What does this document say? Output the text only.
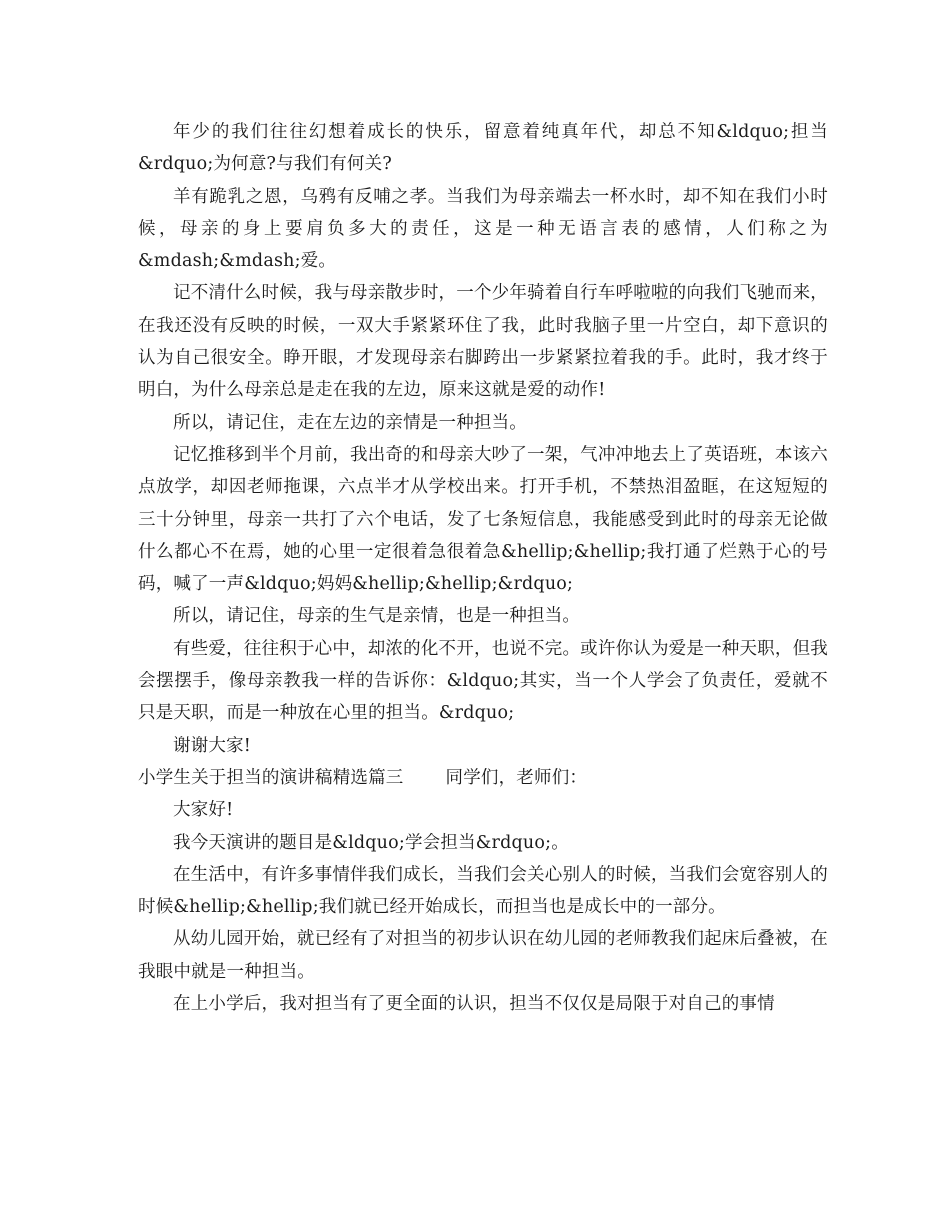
年少的我们往往幻想着成长的快乐，留意着纯真年代，却总不知&ldquo;担当&rdquo;为何意?与我们有何关?

羊有跪乳之恩，乌鸦有反哺之孝。当我们为母亲端去一杯水时，却不知在我们小时候，母亲的身上要肩负多大的责任，这是一种无语言表的感情，人们称之为&mdash;&mdash;爱。

记不清什么时候，我与母亲散步时，一个少年骑着自行车呼啦啦的向我们飞驰而来，在我还没有反映的时候，一双大手紧紧环住了我，此时我脑子里一片空白，却下意识的认为自己很安全。睁开眼，才发现母亲右脚跨出一步紧紧拉着我的手。此时，我才终于明白，为什么母亲总是走在我的左边，原来这就是爱的动作!

所以，请记住，走在左边的亲情是一种担当。

记忆推移到半个月前，我出奇的和母亲大吵了一架，气冲冲地去上了英语班，本该六点放学，却因老师拖课，六点半才从学校出来。打开手机，不禁热泪盈眶，在这短短的三十分钟里，母亲一共打了六个电话，发了七条短信息，我能感受到此时的母亲无论做什么都心不在焉，她的心里一定很着急很着急&hellip;&hellip;我打通了烂熟于心的号码，喊了一声&ldquo;妈妈&hellip;&hellip;&rdquo;

所以，请记住，母亲的生气是亲情，也是一种担当。

有些爱，往往积于心中，却浓的化不开，也说不完。或许你认为爱是一种天职，但我会摆摆手，像母亲教我一样的告诉你：&ldquo;其实，当一个人学会了负责任，爱就不只是天职，而是一种放在心里的担当。&rdquo;

谢谢大家!

小学生关于担当的演讲稿精选篇三 同学们，老师们：

大家好!

我今天演讲的题目是&ldquo;学会担当&rdquo;。

在生活中，有许多事情伴我们成长，当我们会关心别人的时候，当我们会宽容别人的时候&hellip;&hellip;我们就已经开始成长，而担当也是成长中的一部分。

从幼儿园开始，就已经有了对担当的初步认识在幼儿园的老师教我们起床后叠被，在我眼中就是一种担当。

在上小学后，我对担当有了更全面的认识，担当不仅仅是局限于对自己的事情
